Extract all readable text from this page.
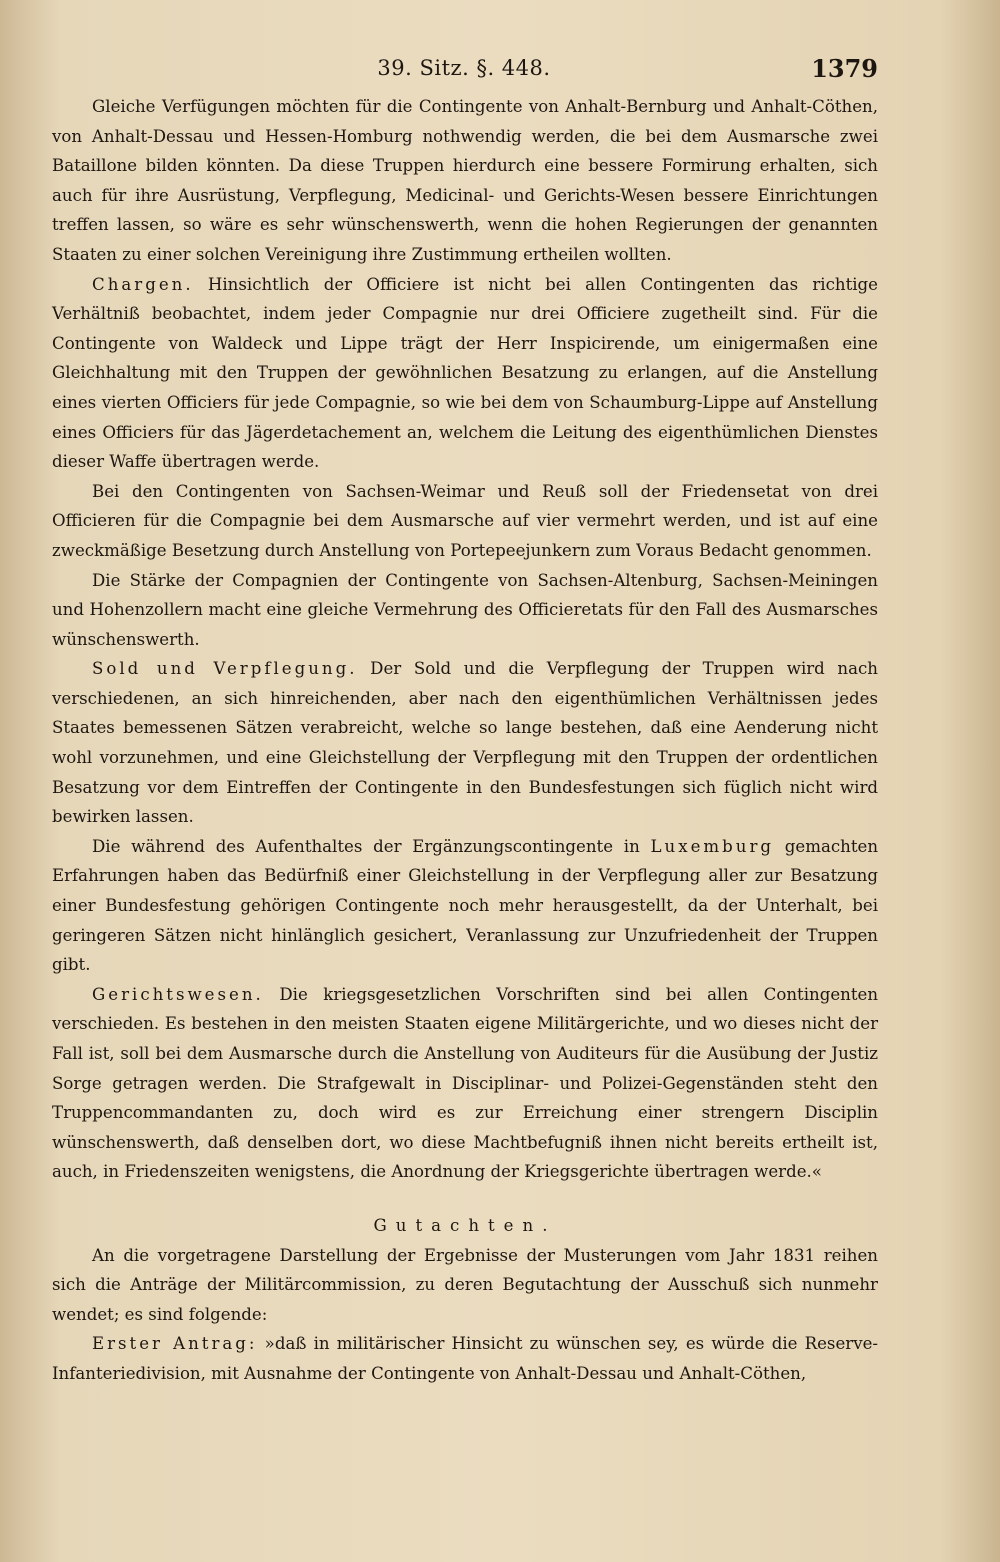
39. Sitz. §. 448.	1379

Gleiche Verfügungen möchten für die Contingente von Anhalt-Bernburg und Anhalt-Cöthen, von Anhalt-Dessau und Hessen-Homburg nothwendig werden, die bei dem Ausmarsche zwei Bataillone bilden könnten. Da diese Truppen hierdurch eine bessere Formirung erhalten, sich auch für ihre Ausrüstung, Verpflegung, Medicinal- und Gerichts-Wesen bessere Einrichtungen treffen lassen, so wäre es sehr wünschenswerth, wenn die hohen Regierungen der genannten Staaten zu einer solchen Vereinigung ihre Zustimmung ertheilen wollten.

Chargen. Hinsichtlich der Officiere ist nicht bei allen Contingenten das richtige Verhältniß beobachtet, indem jeder Compagnie nur drei Officiere zugetheilt sind. Für die Contingente von Waldeck und Lippe trägt der Herr Inspicirende, um einigermaßen eine Gleichhaltung mit den Truppen der gewöhnlichen Besatzung zu erlangen, auf die Anstellung eines vierten Officiers für jede Compagnie, so wie bei dem von Schaumburg-Lippe auf Anstellung eines Officiers für das Jägerdetachement an, welchem die Leitung des eigenthümlichen Dienstes dieser Waffe übertragen werde.

Bei den Contingenten von Sachsen-Weimar und Reuß soll der Friedensetat von drei Officieren für die Compagnie bei dem Ausmarsche auf vier vermehrt werden, und ist auf eine zweckmäßige Besetzung durch Anstellung von Portepeejunkern zum Voraus Bedacht genommen.

Die Stärke der Compagnien der Contingente von Sachsen-Altenburg, Sachsen-Meiningen und Hohenzollern macht eine gleiche Vermehrung des Officieretats für den Fall des Ausmarsches wünschenswerth.

Sold und Verpflegung. Der Sold und die Verpflegung der Truppen wird nach verschiedenen, an sich hinreichenden, aber nach den eigenthümlichen Verhältnissen jedes Staates bemessenen Sätzen verabreicht, welche so lange bestehen, daß eine Aenderung nicht wohl vorzunehmen, und eine Gleichstellung der Verpflegung mit den Truppen der ordentlichen Besatzung vor dem Eintreffen der Contingente in den Bundesfestungen sich füglich nicht wird bewirken lassen.

Die während des Aufenthaltes der Ergänzungscontingente in Luxemburg gemachten Erfahrungen haben das Bedürfniß einer Gleichstellung in der Verpflegung aller zur Besatzung einer Bundesfestung gehörigen Contingente noch mehr herausgestellt, da der Unterhalt, bei geringeren Sätzen nicht hinlänglich gesichert, Veranlassung zur Unzufriedenheit der Truppen gibt.

Gerichtswesen. Die kriegsgesetzlichen Vorschriften sind bei allen Contingenten verschieden. Es bestehen in den meisten Staaten eigene Militärgerichte, und wo dieses nicht der Fall ist, soll bei dem Ausmarsche durch die Anstellung von Auditeurs für die Ausübung der Justiz Sorge getragen werden. Die Strafgewalt in Disciplinar- und Polizei-Gegenständen steht den Truppencommandanten zu, doch wird es zur Erreichung einer strengern Disciplin wünschenswerth, daß denselben dort, wo diese Machtbefugniß ihnen nicht bereits ertheilt ist, auch, in Friedenszeiten wenigstens, die Anordnung der Kriegsgerichte übertragen werde.«

Gutachten.

An die vorgetragene Darstellung der Ergebnisse der Musterungen vom Jahr 1831 reihen sich die Anträge der Militärcommission, zu deren Begutachtung der Ausschuß sich nunmehr wendet; es sind folgende:

Erster Antrag: »daß in militärischer Hinsicht zu wünschen sey, es würde die Reserve-Infanteriedivision, mit Ausnahme der Contingente von Anhalt-Dessau und Anhalt-Cöthen,
